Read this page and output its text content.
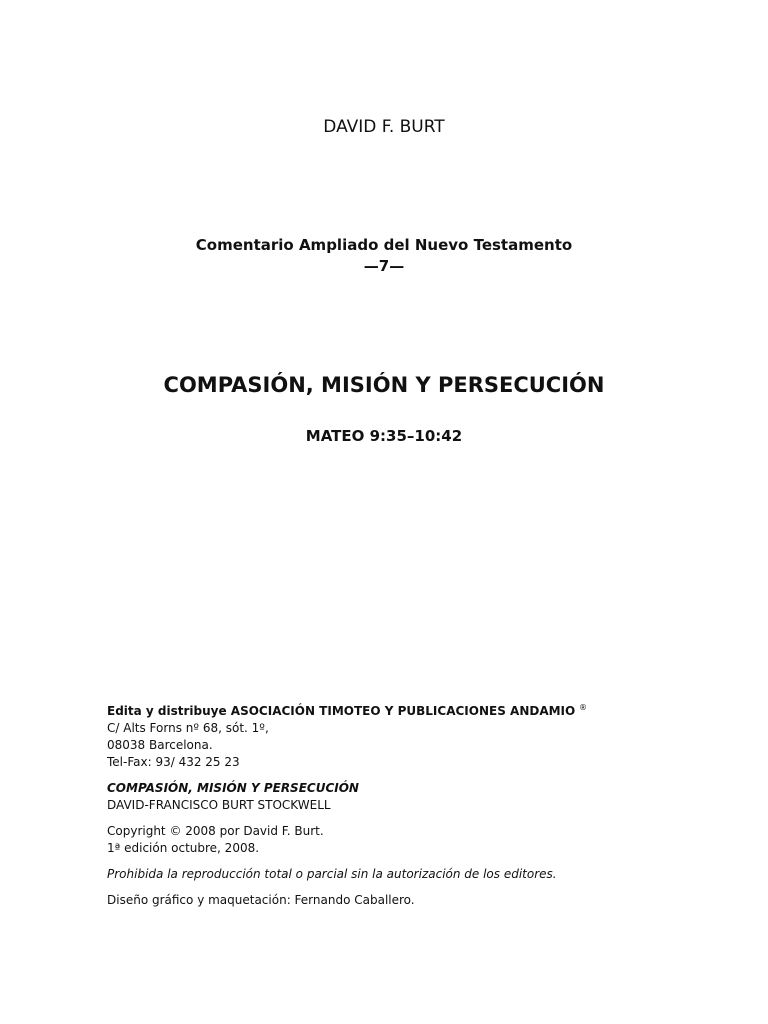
DAVID F. BURT
Comentario Ampliado del Nuevo Testamento
—7—
COMPASIÓN, MISIÓN Y PERSECUCIÓN
MATEO 9:35–10:42

Edita y distribuye ASOCIACIÓN TIMOTEO Y PUBLICACIONES ANDAMIO ®
C/ Alts Forns nº 68, sót. 1º,
08038 Barcelona.
Tel-Fax: 93/ 432 25 23

COMPASIÓN, MISIÓN Y PERSECUCIÓN
DAVID-FRANCISCO BURT STOCKWELL

Copyright © 2008 por David F. Burt.
1ª edición octubre, 2008.

Prohibida la reproducción total o parcial sin la autorización de los editores.

Diseño gráfico y maquetación: Fernando Caballero.
